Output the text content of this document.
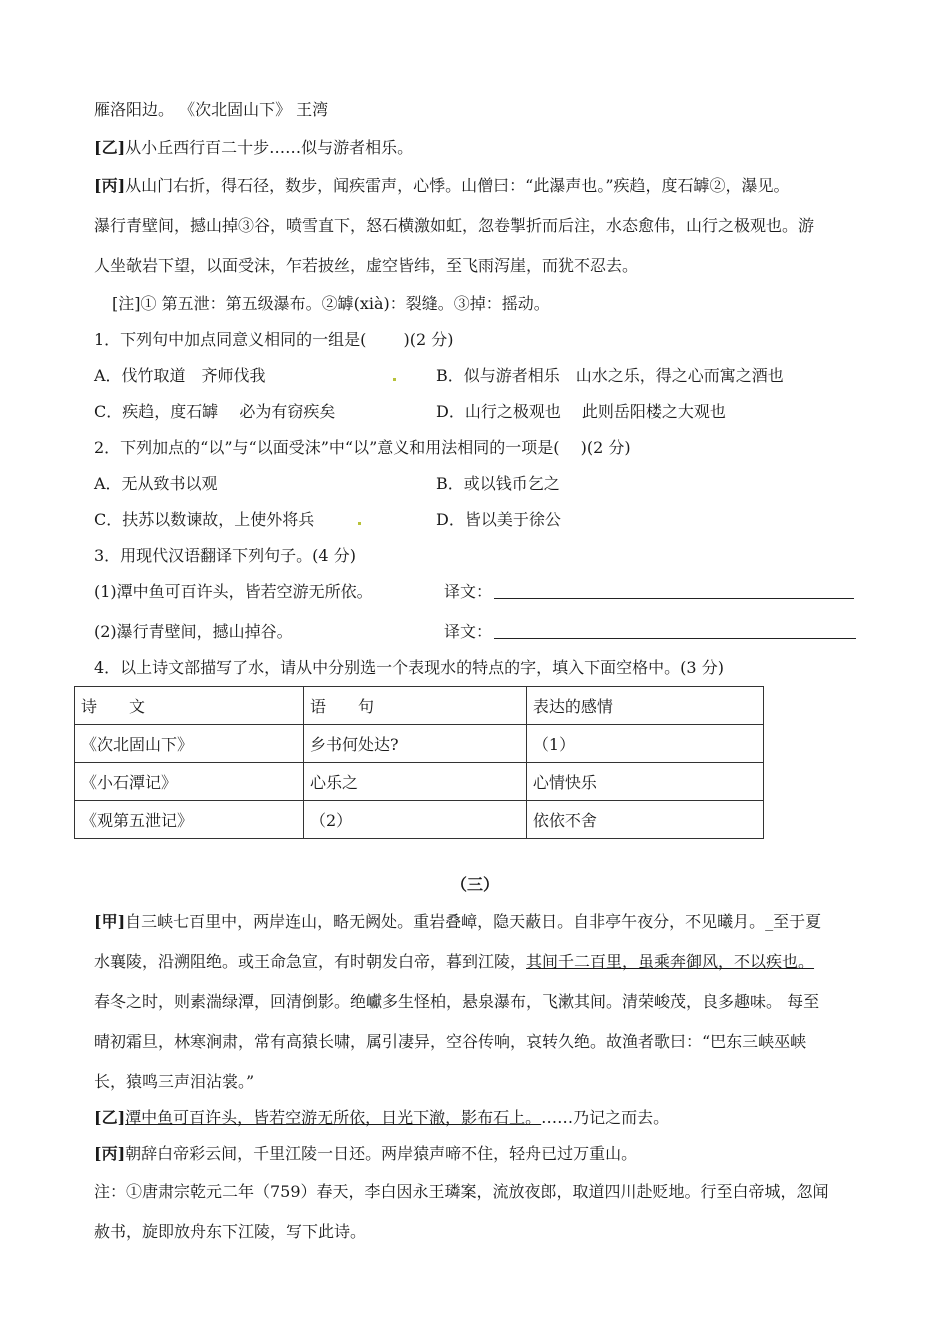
雁洛阳边。 《次北固山下》 王湾
[乙]从小丘西行百二十步……似与游者相乐。
[丙]从山门右折，得石径，数步，闻疾雷声，心悸。山僧曰：“此瀑声也。”疾趋，度石罅②，瀑见。
瀑行青壁间，撼山掉③谷，喷雪直下，怒石横激如虹，忽卷掣折而后注，水态愈伟，山行之极观也。游
人坐欹岩下望，以面受沫，乍若披丝，虚空皆纬，至飞雨泻崖，而犹不忍去。
[注]① 第五泄：第五级瀑布。②罅(xià)：裂缝。③掉：摇动。
1．下列句中加点同意义相同的一组是(　　 )(2 分)
A．伐竹取道　齐师伐我	B．似与游者相乐　山水之乐，得之心而寓之酒也
C．疾趋，度石罅　 必为有窃疾矣	D．山行之极观也　 此则岳阳楼之大观也
2．下列加点的“以”与“以面受沫”中“以”意义和用法相同的一项是(　 )(2 分)
A．无从致书以观	B．或以钱币乞之
C．扶苏以数谏故，上使外将兵	D．皆以美于徐公
3．用现代汉语翻译下列句子。(4 分)
(1)潭中鱼可百许头，皆若空游无所依。	译文：
(2)瀑行青壁间，撼山掉谷。	译文：
4．以上诗文部描写了水，请从中分别选一个表现水的特点的字，填入下面空格中。(3 分)
诗　　文	语　　句	表达的感情
《次北固山下》	乡书何处达?	（1）
《小石潭记》	心乐之	心情快乐
《观第五泄记》	（2）	依依不舍
（三）
[甲]自三峡七百里中，两岸连山，略无阙处。重岩叠嶂，隐天蔽日。自非亭午夜分，不见曦月。_至于夏
水襄陵，沿溯阻绝。或王命急宣，有时朝发白帝，暮到江陵，其间千二百里，虽乘奔御风，不以疾也。
春冬之时，则素湍绿潭，回清倒影。绝巘多生怪柏，悬泉瀑布，飞漱其间。清荣峻茂，良多趣味。 每至
晴初霜旦，林寒涧肃，常有高猿长啸，属引凄异，空谷传响，哀转久绝。故渔者歌曰：“巴东三峡巫峡
长，猿鸣三声泪沾裳。”
[乙]潭中鱼可百许头，皆若空游无所依，日光下澈，影布石上。……乃记之而去。
[丙]朝辞白帝彩云间，千里江陵一日还。两岸猿声啼不住，轻舟已过万重山。
注：①唐肃宗乾元二年（759）春天，李白因永王璘案，流放夜郎，取道四川赴贬地。行至白帝城，忽闻
赦书，旋即放舟东下江陵，写下此诗。
